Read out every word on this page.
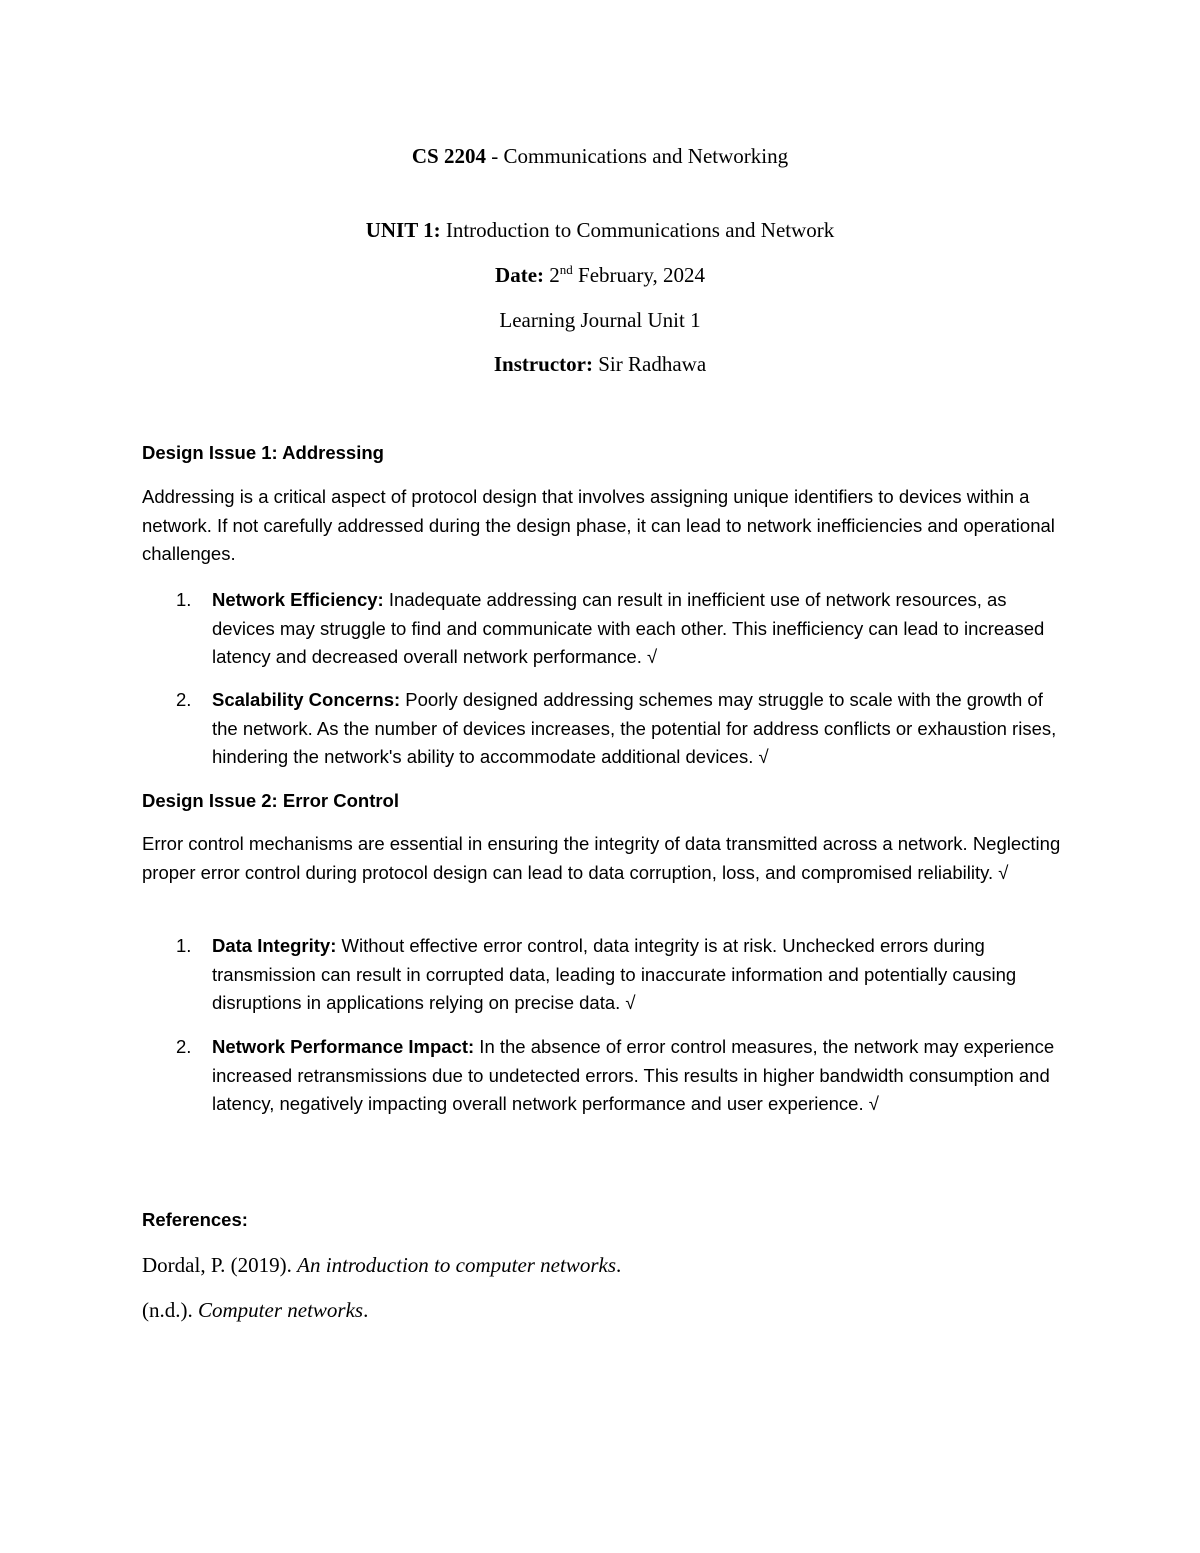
CS 2204 - Communications and Networking
UNIT 1: Introduction to Communications and Network
Date: 2nd February, 2024
Learning Journal Unit 1
Instructor: Sir Radhawa
Design Issue 1: Addressing
Addressing is a critical aspect of protocol design that involves assigning unique identifiers to devices within a network. If not carefully addressed during the design phase, it can lead to network inefficiencies and operational challenges.
1.	Network Efficiency: Inadequate addressing can result in inefficient use of network resources, as devices may struggle to find and communicate with each other. This inefficiency can lead to increased latency and decreased overall network performance. √
2.	Scalability Concerns: Poorly designed addressing schemes may struggle to scale with the growth of the network. As the number of devices increases, the potential for address conflicts or exhaustion rises, hindering the network's ability to accommodate additional devices. √
Design Issue 2: Error Control
Error control mechanisms are essential in ensuring the integrity of data transmitted across a network. Neglecting proper error control during protocol design can lead to data corruption, loss, and compromised reliability. √
1.	Data Integrity: Without effective error control, data integrity is at risk. Unchecked errors during transmission can result in corrupted data, leading to inaccurate information and potentially causing disruptions in applications relying on precise data. √
2.	Network Performance Impact: In the absence of error control measures, the network may experience increased retransmissions due to undetected errors. This results in higher bandwidth consumption and latency, negatively impacting overall network performance and user experience. √
References:
Dordal, P. (2019). An introduction to computer networks.
(n.d.). Computer networks.
